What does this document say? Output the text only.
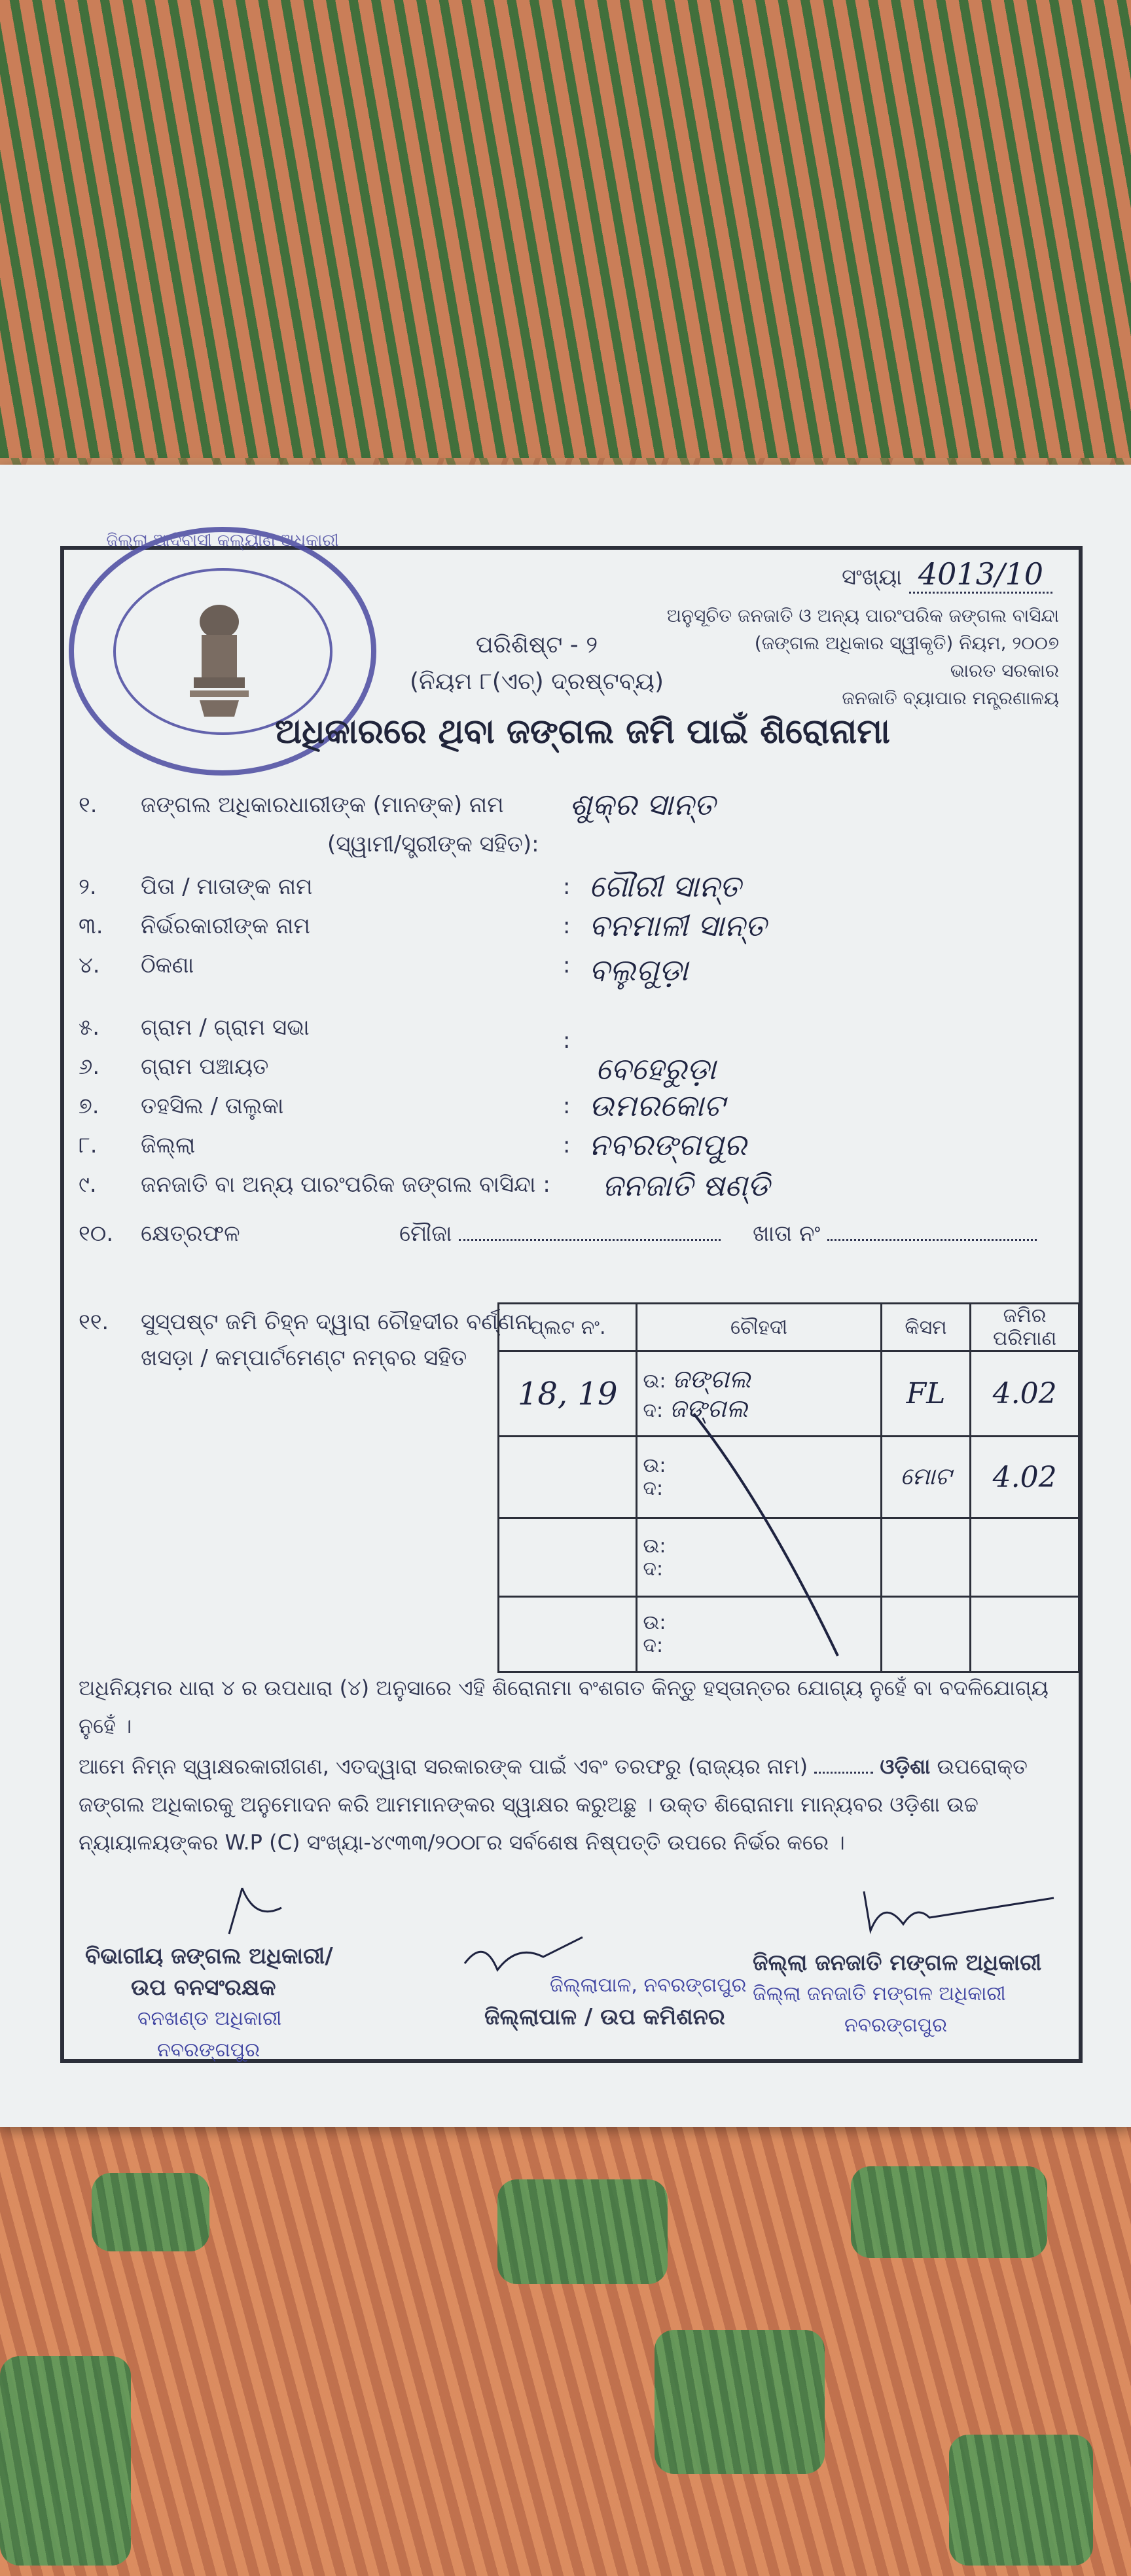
ଜିଲ୍ଲା ଆଦିବାସୀ କଲ୍ୟାଣ ଅଧିକାରୀ
ସଂଖ୍ୟା 4013/10
ଅନୁସୂଚିତ ଜନଜାତି ଓ ଅନ୍ୟ ପାରଂପରିକ ଜଙ୍ଗଲ ବାସିନ୍ଦା
(ଜଙ୍ଗଲ ଅଧିକାର ସ୍ୱୀକୃତି) ନିୟମ, ୨୦୦୭
ଭାରତ ସରକାର
ଜନଜାତି ବ୍ୟାପାର ମନ୍ତ୍ରଣାଳୟ
ପରିଶିଷ୍ଟ - ୨
(ନିୟମ ୮(ଏଚ୍) ଦ୍ରଷ୍ଟବ୍ୟ)
ଅଧିକାରରେ ଥିବା ଜଙ୍ଗଲ ଜମି ପାଇଁ ଶିରୋନାମା
୧.	ଜଙ୍ଗଲ ଅଧିକାରଧାରୀଙ୍କ (ମାନଙ୍କ) ନାମ ଶୁକ୍ର ସାନ୍ତ
(ସ୍ୱାମୀ/ସ୍ତ୍ରୀଙ୍କ ସହିତ):
୨.	ପିତା / ମାତାଙ୍କ ନାମ	: ଗୌରୀ ସାନ୍ତ
୩.	ନିର୍ଭରକାରୀଙ୍କ ନାମ	: ବନମାଳୀ ସାନ୍ତ
୪.	ଠିକଣା	: ବଲୁଗୁଡ଼ା
୫.	ଗ୍ରାମ / ଗ୍ରାମ ସଭା	:
୬.	ଗ୍ରାମ ପଞ୍ଚାୟତ	ବେହେରୁଡ଼ା
୭.	ତହସିଲ / ତାଲୁକା	: ଉମରକୋଟ
୮.	ଜିଲ୍ଲା	: ନବରଙ୍ଗପୁର
୯.	ଜନଜାତି ବା ଅନ୍ୟ ପାରଂପରିକ ଜଙ୍ଗଲ ବାସିନ୍ଦା : ଜନଜାତି ଷଣ୍ଡି
୧୦.	କ୍ଷେତ୍ରଫଳ	ମୌଜା	ଖାତା ନଂ
୧୧.	ସୁସ୍ପଷ୍ଟ ଜମି ଚିହ୍ନ ଦ୍ୱାରା ଚୌହଦୀର ବର୍ଣ୍ଣନା
ଖସଡ଼ା / କମ୍ପାର୍ଟମେଣ୍ଟ ନମ୍ବର ସହିତ
ପ୍ଲଟ ନଂ.	ଚୌହଦୀ	କିସମ	ଜମିର ପରିମାଣ
18, 19	ଉ: ଜଙ୍ଗଲ
ଦ: ଜଙ୍ଗଲ	FL	4.02

	ଉ:
ଦ:	ମୋଟ	4.02

	ଉ:
ଦ:		

	ଉ:
ଦ:		

ଅଧିନିୟମର ଧାରା ୪ ର ଉପଧାରା (୪) ଅନୁସାରେ ଏହି ଶିରୋନାମା ବଂଶଗତ କିନ୍ତୁ ହସ୍ତାନ୍ତର ଯୋଗ୍ୟ ନୁହେଁ ବା ବଦଳିଯୋଗ୍ୟ ନୁହେଁ ।
ଆମେ ନିମ୍ନ ସ୍ୱାକ୍ଷରକାରୀଗଣ, ଏତଦ୍ୱାରା ସରକାରଙ୍କ ପାଇଁ ଏବଂ ତରଫରୁ (ରାଜ୍ୟର ନାମ)	ଓଡ଼ିଶା ଉପରୋକ୍ତ ଜଙ୍ଗଲ ଅଧିକାରକୁ ଅନୁମୋଦନ କରି ଆମମାନଙ୍କର ସ୍ୱାକ୍ଷର କରୁଅଛୁ । ଉକ୍ତ ଶିରୋନାମା ମାନ୍ୟବର ଓଡ଼ିଶା ଉଚ୍ଚ ନ୍ୟାୟାଳୟଙ୍କର W.P (C) ସଂଖ୍ୟା-୪୯୩୩/୨୦୦୮ର ସର୍ବଶେଷ ନିଷ୍ପତ୍ତି ଉପରେ ନିର୍ଭର କରେ ।
ବିଭାଗୀୟ ଜଙ୍ଗଲ ଅଧିକାରୀ/
ଉପ ବନସଂରକ୍ଷକ
ବନଖଣ୍ଡ ଅଧିକାରୀ
ନବରଙ୍ଗପୁର
ଜିଲ୍ଲାପାଳ, ନବରଙ୍ଗପୁର
ଜିଲ୍ଲାପାଳ / ଉପ କମିଶନର
ଜିଲ୍ଲା ଜନଜାତି ମଙ୍ଗଳ ଅଧିକାରୀ
ଜିଲ୍ଲା ଜନଜାତି ମଙ୍ଗଳ ଅଧିକାରୀ
ନବରଙ୍ଗପୁର
